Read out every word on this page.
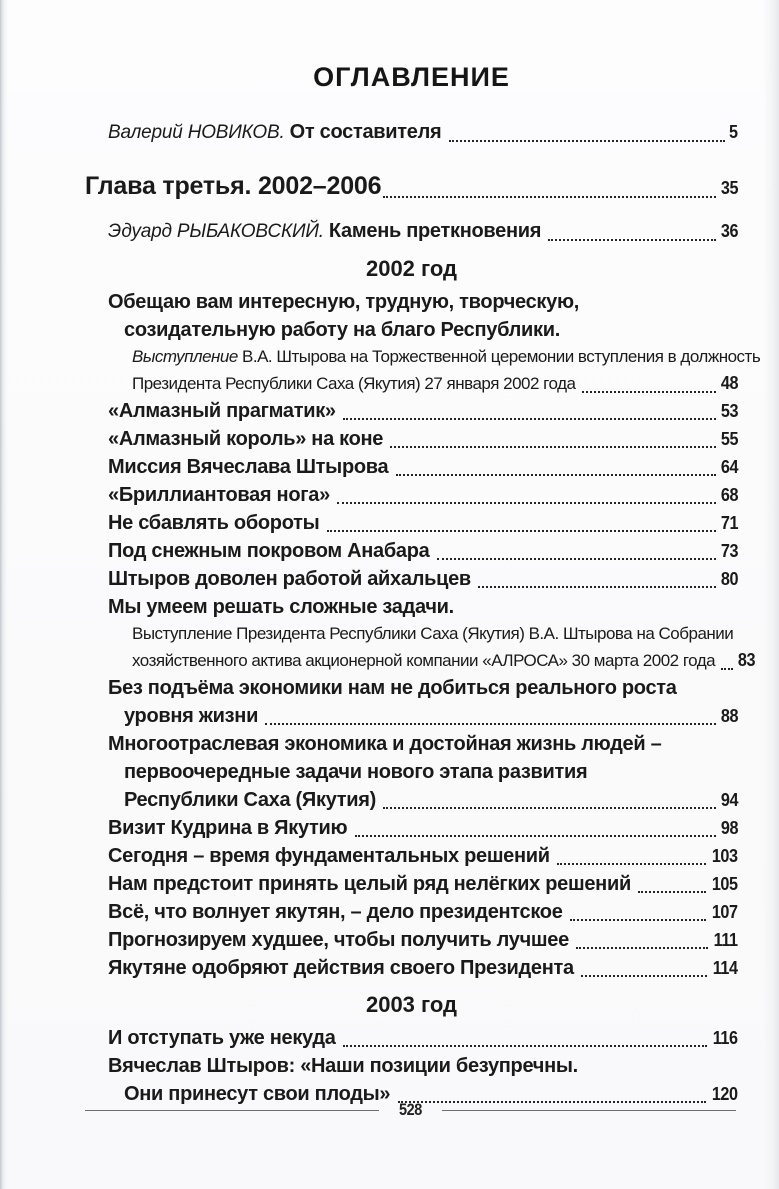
ОГЛАВЛЕНИЕ
Валерий НОВИКОВ. От составителя	5
Глава третья. 2002–2006	35
Эдуард РЫБАКОВСКИЙ. Камень преткновения	36
2002 год
Обещаю вам интересную, трудную, творческую,
созидательную работу на благо Республики.
Выступление В.А. Штырова на Торжественной церемонии вступления в должность
Президента Республики Саха (Якутия) 27 января 2002 года	48
«Алмазный прагматик»	53
«Алмазный король» на коне	55
Миссия Вячеслава Штырова	64
«Бриллиантовая нога»	68
Не сбавлять обороты	71
Под снежным покровом Анабара	73
Штыров доволен работой айхальцев	80
Мы умеем решать сложные задачи.
Выступление Президента Республики Саха (Якутия) В.А. Штырова на Собрании
хозяйственного актива акционерной компании «АЛРОСА» 30 марта 2002 года 83
Без подъёма экономики нам не добиться реального роста
уровня жизни	88
Многоотраслевая экономика и достойная жизнь людей –
первоочередные задачи нового этапа развития
Республики Саха (Якутия)	94
Визит Кудрина в Якутию	98
Сегодня – время фундаментальных решений	103
Нам предстоит принять целый ряд нелёгких решений	105
Всё, что волнует якутян, – дело президентское	107
Прогнозируем худшее, чтобы получить лучшее	111
Якутяне одобряют действия своего Президента	114
2003 год
И отступать уже некуда	116
Вячеслав Штыров: «Наши позиции безупречны.
Они принесут свои плоды»	120
528
